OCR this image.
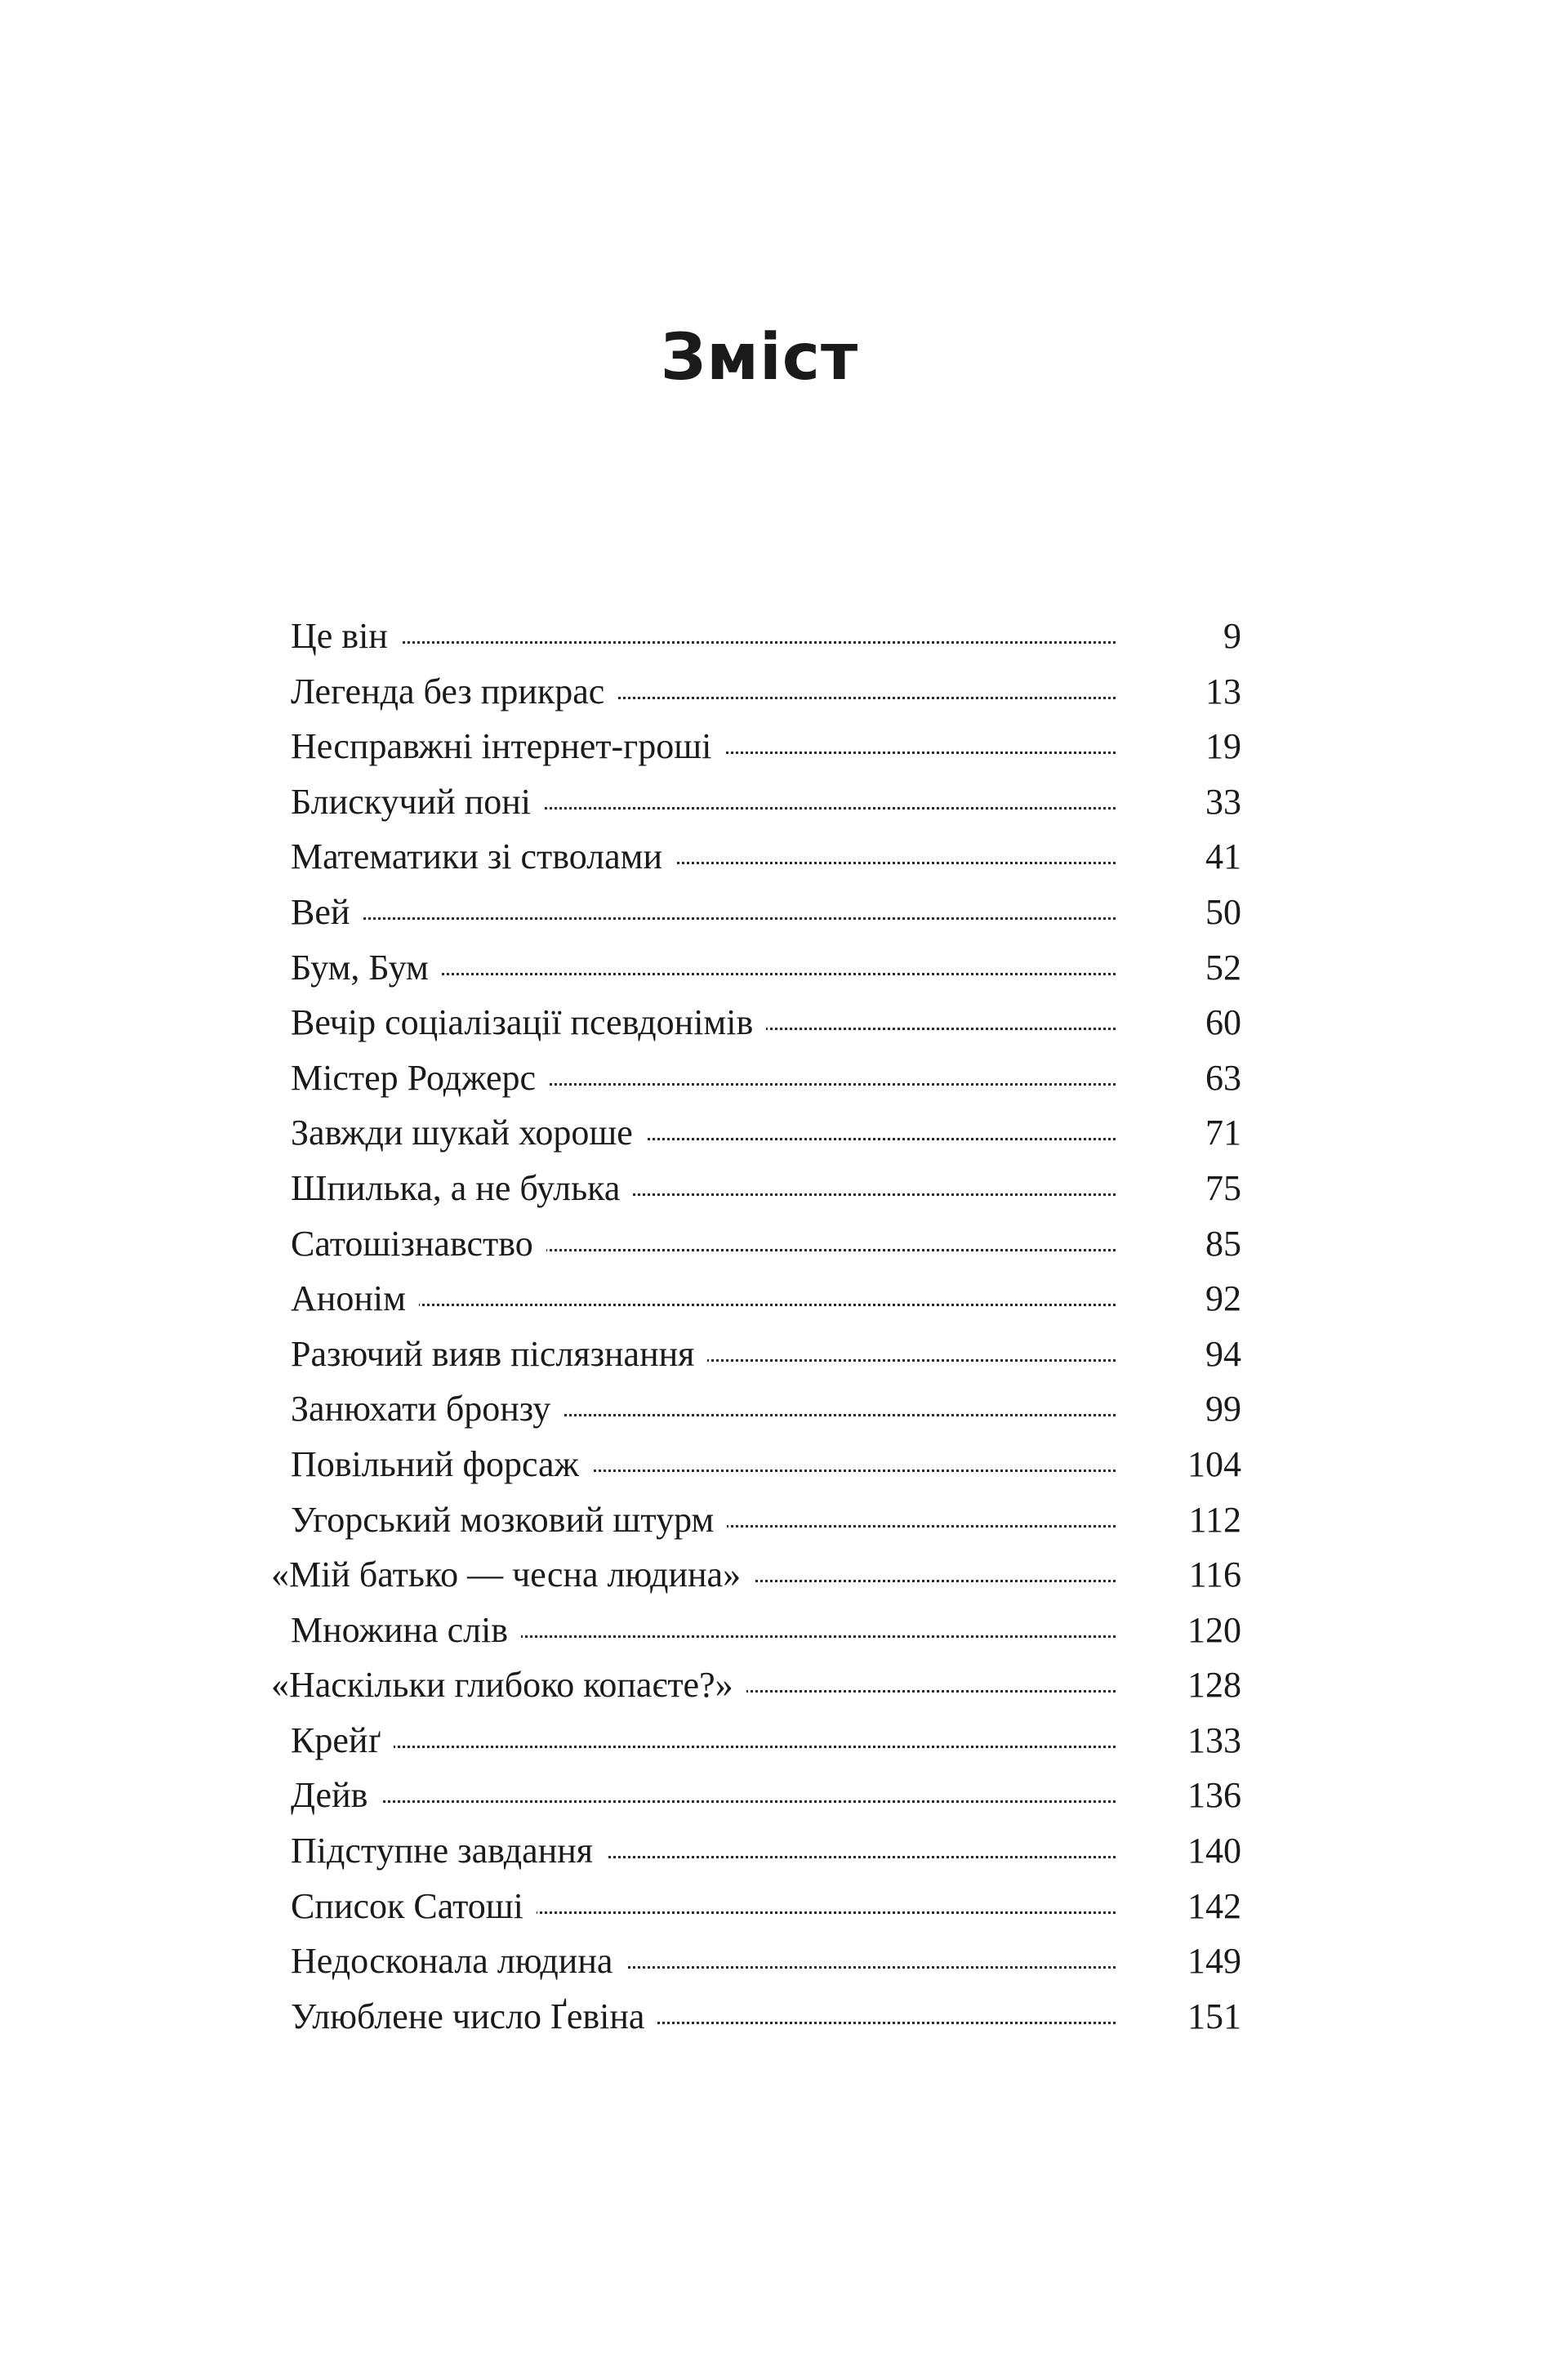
Зміст
Це він	9
Легенда без прикрас	13
Несправжні інтернет-гроші	19
Блискучий поні	33
Математики зі стволами	41
Вей	50
Бум, Бум	52
Вечір соціалізації псевдонімів	60
Містер Роджерс	63
Завжди шукай хороше	71
Шпилька, а не булька	75
Сатошізнавство	85
Анонім	92
Разючий вияв післязнання	94
Занюхати бронзу	99
Повільний форсаж	104
Угорський мозковий штурм	112
«Мій батько — чесна людина»	116
Множина слів	120
«Наскільки глибоко копаєте?»	128
Крейґ	133
Дейв	136
Підступне завдання	140
Список Сатоші	142
Недосконала людина	149
Улюблене число Ґевіна	151
